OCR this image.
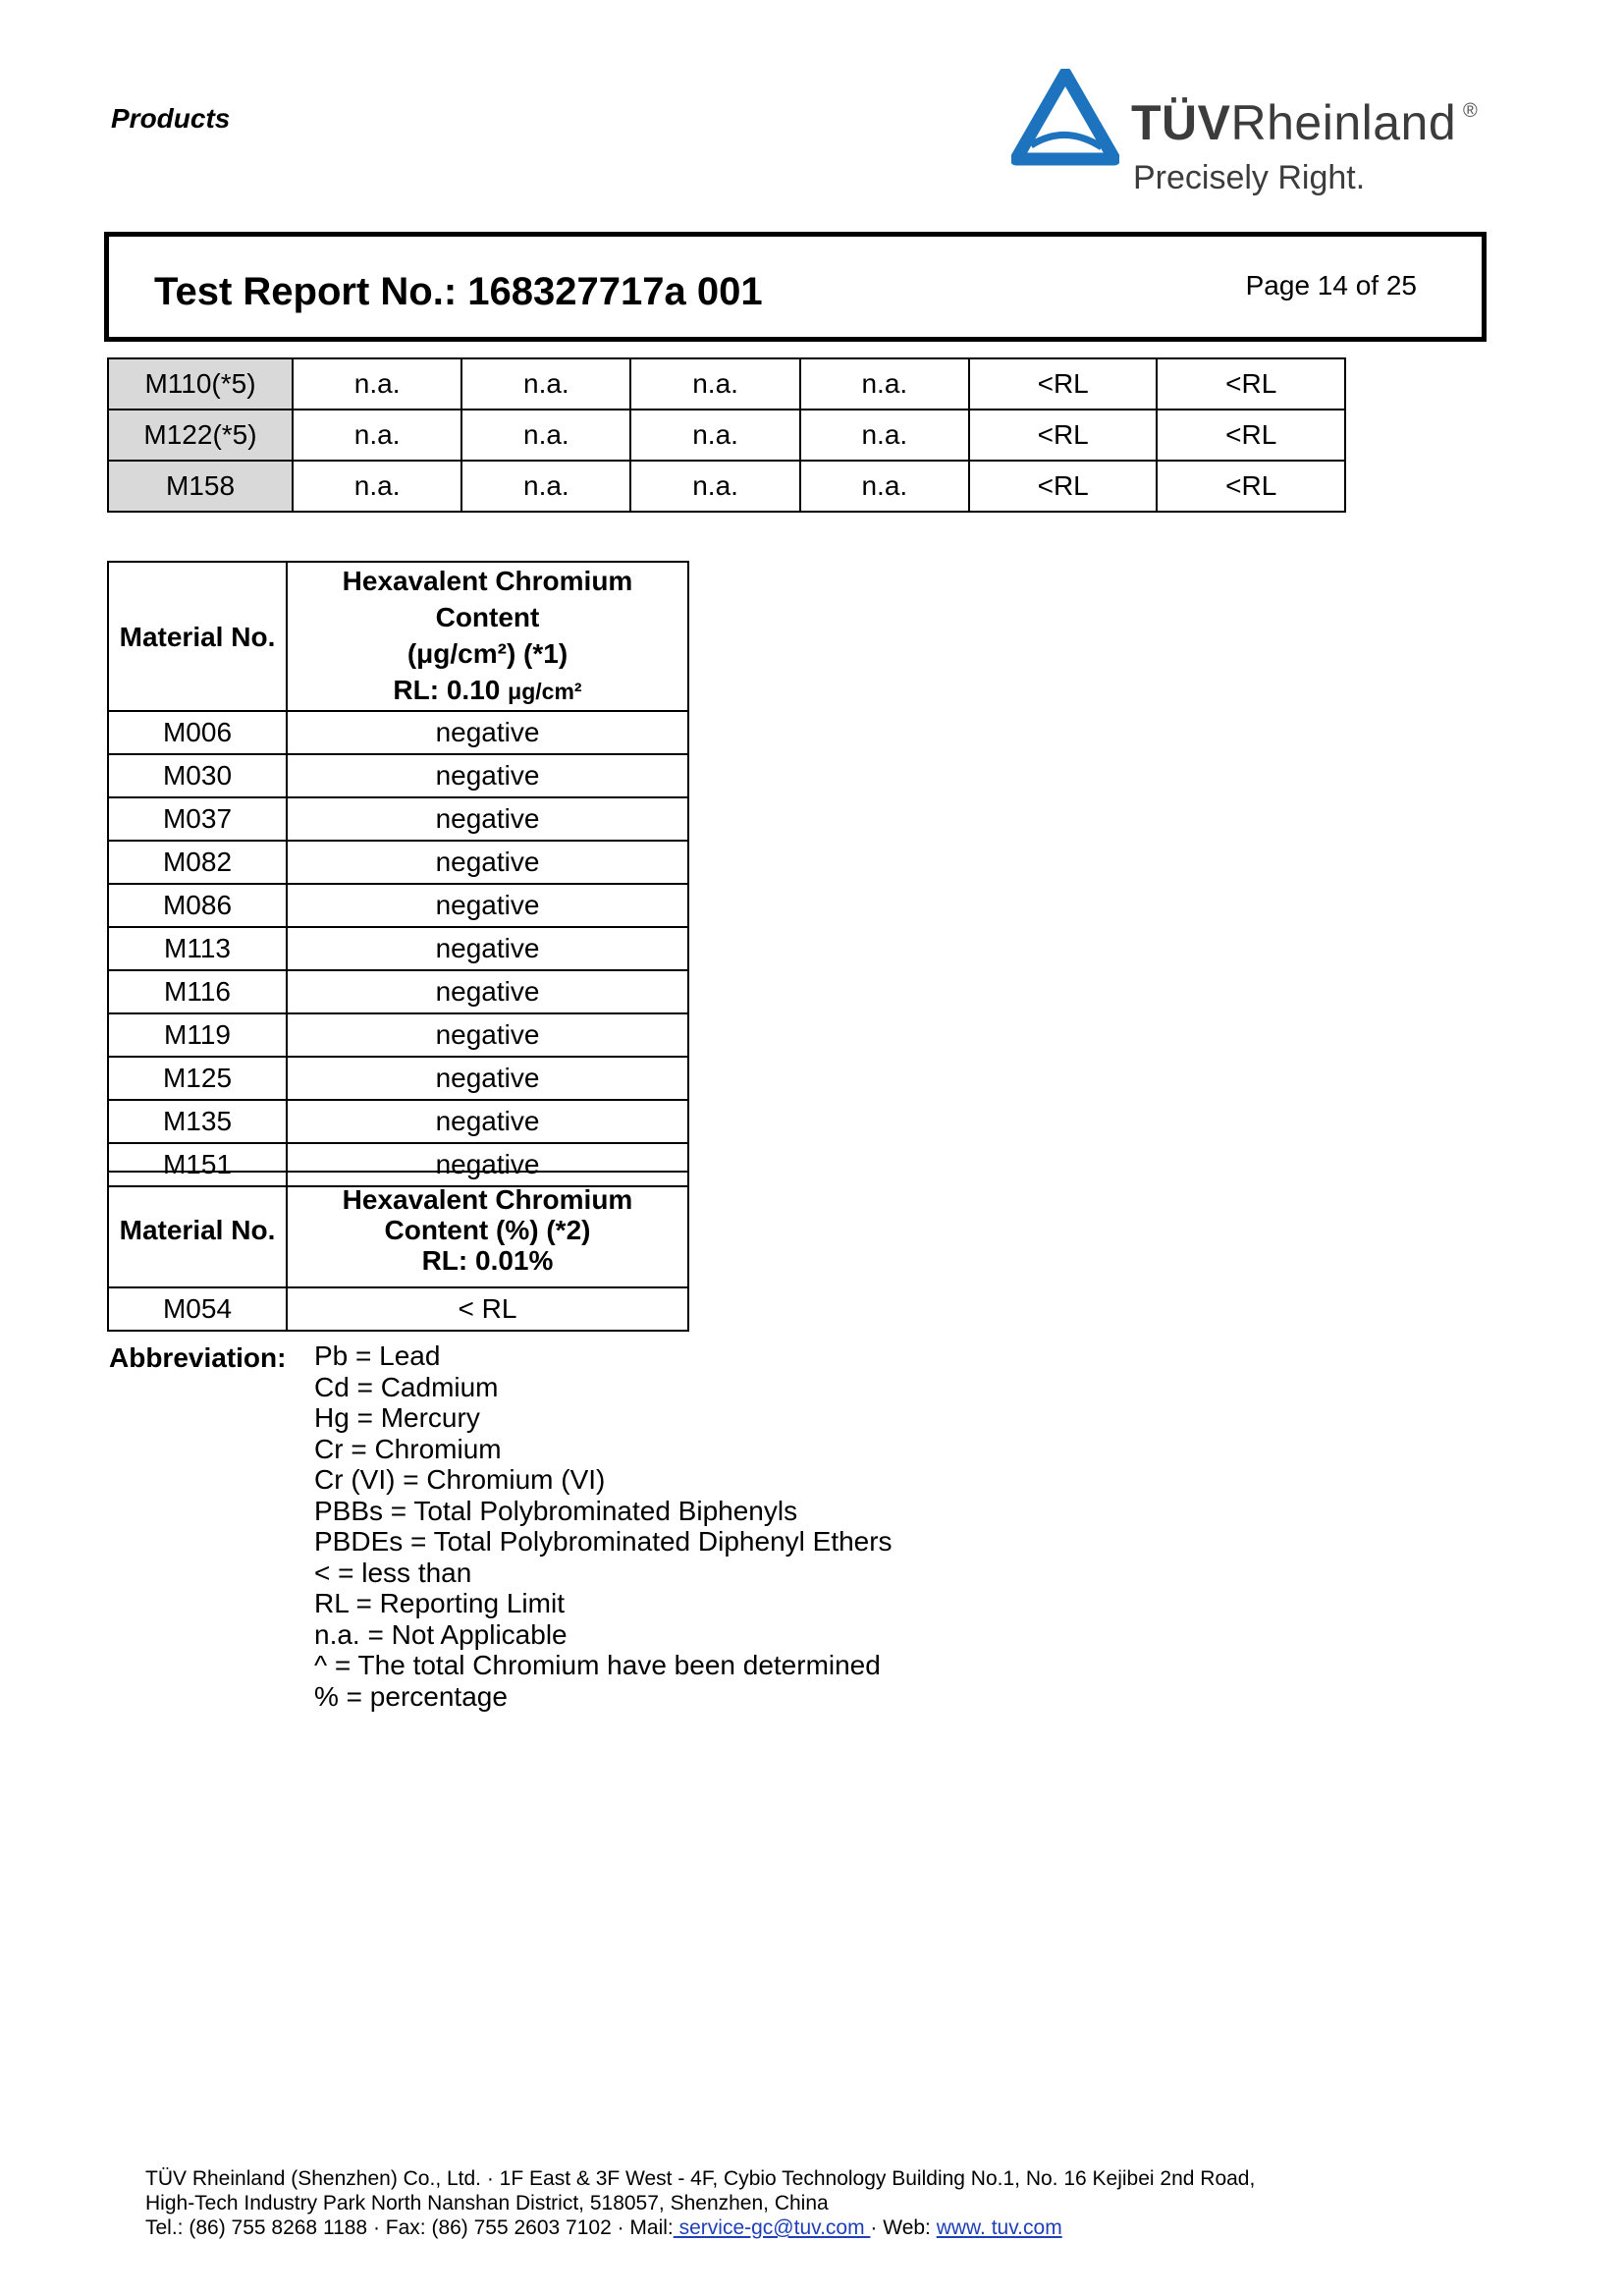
Products	TÜVRheinland ®
Precisely Right.
Test Report No.: 168327717a 001	Page 14 of 25
M110(*5)	n.a.	n.a.	n.a.	n.a.	<RL	<RL
M122(*5)	n.a.	n.a.	n.a.	n.a.	<RL	<RL
M158	n.a.	n.a.	n.a.	n.a.	<RL	<RL
Material No.	Hexavalent Chromium Content
(μg/cm²) (*1)
RL: 0.10 μg/cm²

M006	negative
M030	negative
M037	negative
M082	negative
M086	negative
M113	negative
M116	negative
M119	negative
M125	negative
M135	negative
M151	negative
Material No.	Hexavalent Chromium
Content (%) (*2)
RL: 0.01%

M054	< RL
Abbreviation: Pb = Lead
Cd = Cadmium
Hg = Mercury
Cr = Chromium
Cr (VI) = Chromium (VI)
PBBs = Total Polybrominated Biphenyls
PBDEs = Total Polybrominated Diphenyl Ethers
< = less than
RL = Reporting Limit
n.a. = Not Applicable
^ = The total Chromium have been determined
% = percentage
TÜV Rheinland (Shenzhen) Co., Ltd. · 1F East & 3F West - 4F, Cybio Technology Building No.1, No. 16 Kejibei 2nd Road,
High-Tech Industry Park North Nanshan District, 518057, Shenzhen, China
Tel.: (86) 755 8268 1188 · Fax: (86) 755 2603 7102 · Mail: service-gc@tuv.com · Web: www. tuv.com
